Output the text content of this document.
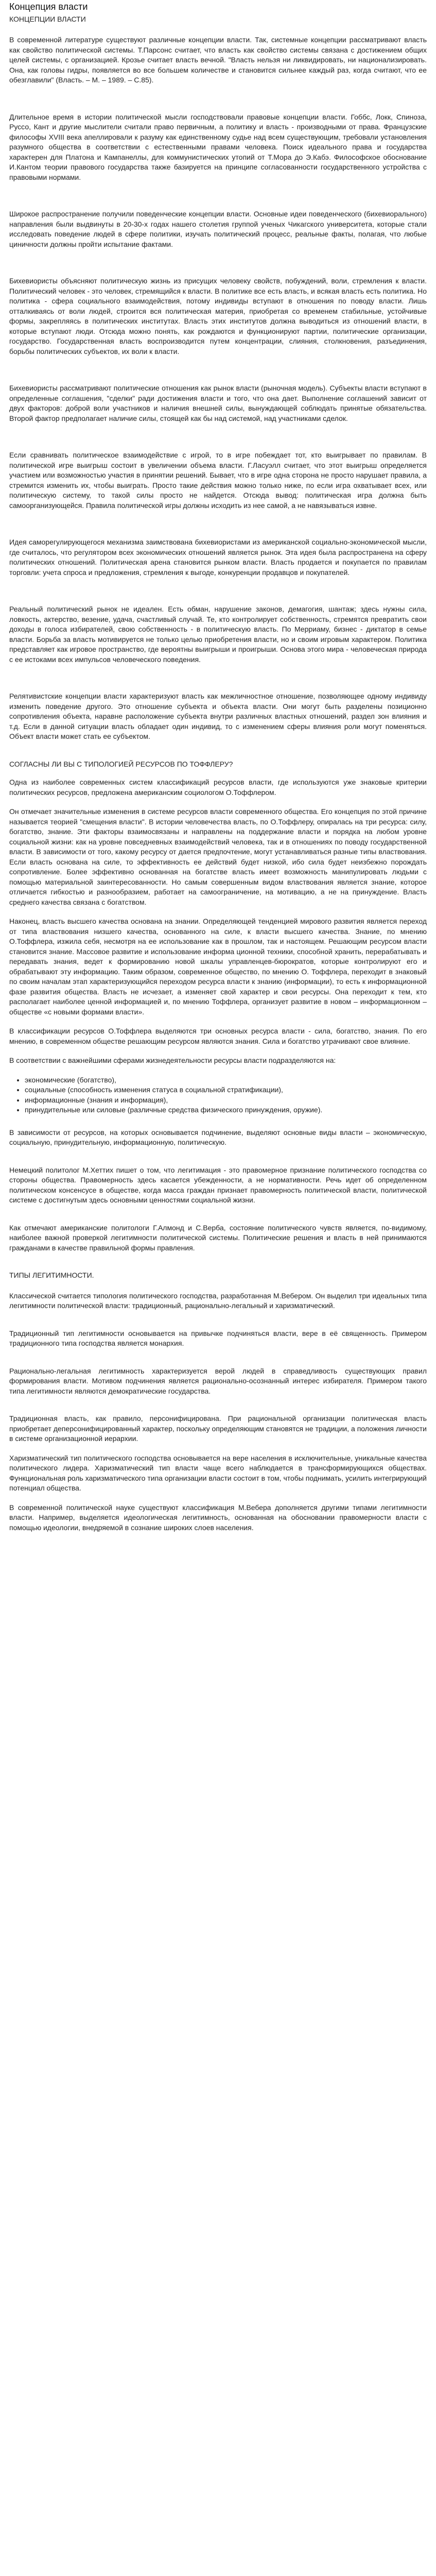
Концепция власти
КОНЦЕПЦИИ ВЛАСТИ

В современной литературе существуют различные концепции власти. Так, системные концепции рассматривают власть как свойство политической системы. Т.Парсонс считает, что власть как свойство системы связана с достижением общих целей системы, с организацией. Крозье считает власть вечной. "Власть нельзя ни ликвидировать, ни национализировать. Она, как головы гидры, появляется во все большем количестве и становится сильнее каждый раз, когда считают, что ее обезглавили" (Власть. – М. – 1989. – С.85).

Длительное время в истории политической мысли господствовали правовые концепции власти. Гоббс, Локк, Спиноза, Руссо, Кант и другие мыслители считали право первичным, а политику и власть - производными от права. Французские философы XVIII века апеллировали к разуму как единственному судье над всем существующим, требовали установления разумного общества в соответствии с естественными правами человека. Поиск идеального права и государства характерен для Платона и Кампанеллы, для коммунистических утопий от Т.Мора до Э.Кабэ. Философское обоснование И.Кантом теории правового государства также базируется на принципе согласованности государственного устройства с правовыми нормами.

Широкое распространение получили поведенческие концепции власти. Основные идеи поведенческого (бихевиорального) направления были выдвинуты в 20-30-х годах нашего столетия группой ученых Чикагского университета, которые стали исследовать поведение людей в сфере политики, изучать политический процесс, реальные факты, полагая, что любые циничности должны пройти испытание фактами.

Бихевиористы объясняют политическую жизнь из присущих человеку свойств, побуждений, воли, стремления к власти. Политический человек - это человек, стремящийся к власти. В политике все есть власть, и всякая власть есть политика. Но политика - сфера социального взаимодействия, потому индивиды вступают в отношения по поводу власти. Лишь отталкиваясь от воли людей, строится вся политическая материя, приобретая со временем стабильные, устойчивые формы, закрепляясь в политических институтах. Власть этих институтов должна выводиться из отношений власти, в которые вступают люди. Отсюда можно понять, как рождаются и функционируют партии, политические организации, государство. Государственная власть воспроизводится путем концентрации, слияния, столкновения, разъединения, борьбы политических субъектов, их воли к власти.

Бихевиористы рассматривают политические отношения как рынок власти (рыночная модель). Субъекты власти вступают в определенные соглашения, "сделки" ради достижения власти и того, что она дает. Выполнение соглашений зависит от двух факторов: доброй воли участников и наличия внешней силы, вынуждающей соблюдать принятые обязательства. Второй фактор предполагает наличие силы, стоящей как бы над системой, над участниками сделок.

Если сравнивать политическое взаимодействие с игрой, то в игре побеждает тот, кто выигрывает по правилам. В политической игре выигрыш состоит в увеличении объема власти. Г.Ласуэлл считает, что этот выигрыш определяется участием или возможностью участия в принятии решений. Бывает, что в игре одна сторона не просто нарушает правила, а стремится изменить их, чтобы выиграть. Просто такие действия можно только ниже, по если игра охватывает всех, или политическую систему, то такой силы просто не найдется. Отсюда вывод: политическая игра должна быть самоорганизующейся. Правила политической игры должны исходить из нее самой, а не навязываться извне.

Идея саморегулирующегося механизма заимствована бихевиористами из американской социально-экономической мысли, где считалось, что регулятором всех экономических отношений является рынок. Эта идея была распространена на сферу политических отношений. Политическая арена становится рынком власти. Власть продается и покупается по правилам торговли: учета спроса и предложения, стремления к выгоде, конкуренции продавцов и покупателей.

Реальный политический рынок не идеален. Есть обман, нарушение законов, демагогия, шантаж; здесь нужны сила, ловкость, актерство, везение, удача, счастливый случай. Те, кто контролирует собственность, стремятся превратить свои доходы в голоса избирателей, свою собственность - в политическую власть. По Мерриаму, бизнес - диктатор в семье власти. Борьба за власть мотивируется не только целью приобретения власти, но и своим игровым характером. Политика представляет как игровое пространство, где вероятны выигрыши и проигрыши. Основа этого мира - человеческая природа с ее истоками всех импульсов человеческого поведения.

Релятивистские концепции власти характеризуют власть как межличностное отношение, позволяющее одному индивиду изменить поведение другого. Это отношение субъекта и объекта власти. Они могут быть разделены позиционно сопротивления объекта, наравне расположение субъекта внутри различных властных отношений, раздел зон влияния и т.д. Если в данной ситуации власть обладает один индивид, то с изменением сферы влияния роли могут поменяться. Объект власти может стать ее субъектом.

СОГЛАСНЫ ЛИ ВЫ С ТИПОЛОГИЕЙ РЕСУРСОВ ПО ТОФФЛЕРУ?

Одна из наиболее современных систем классификаций ресурсов власти, где используются уже знаковые критерии политических ресурсов, предложена американским социологом О.Тоффлером.

Он отмечает значительные изменения в системе ресурсов власти современного общества. Его концепция по этой причине называется теорией "смещения власти". В истории человечества власть, по О.Тоффлеру, опиралась на три ресурса: силу, богатство, знание. Эти факторы взаимосвязаны и направлены на поддержание власти и порядка на любом уровне социальной жизни: как на уровне повседневных взаимодействий человека, так и в отношениях по поводу государственной власти. В зависимости от того, какому ресурсу от дается предпочтение, могут устанавливаться разные типы властвования. Если власть основана на силе, то эффективность ее действий будет низкой, ибо сила будет неизбежно порождать сопротивление. Более эффективно основанная на богатстве власть имеет возможность манипулировать людьми с помощью материальной заинтересованности. Но самым совершенным видом властвования является знание, которое отличается гибкостью и разнообразием, работает на самоограничение, на мотивацию, а не на принуждение. Власть среднего качества связана с богатством.

Наконец, власть высшего качества основана на знании. Определяющей тенденцией мирового развития является переход от типа властвования низшего качества, основанного на силе, к власти высшего качества. Знание, по мнению О.Тоффлера, изжила себя, несмотря на ее использование как в прошлом, так и настоящем. Решающим ресурсом власти становится знание. Массовое развитие и использование информа ционной техники, способной хранить, перерабатывать и передавать знания, ведет к формированию новой шкалы управленцев-бюрократов, которые контролируют его и обрабатывают эту информацию. Таким образом, современное общество, по мнению О. Тоффлера, переходит в знаковый по своим началам этап характеризующийся переходом ресурса власти к знанию (информации), то есть к информационной фазе развития общества. Власть не исчезает, а изменяет свой характер и свои ресурсы. Она переходит к тем, кто располагает наиболее ценной информацией и, по мнению Тоффлера, организует развитие в новом – информационном – обществе «с новыми формами власти».

В классификации ресурсов О.Тоффлера выделяются три основных ресурса власти - сила, богатство, знания. По его мнению, в современном обществе решающим ресурсом являются знания. Сила и богатство утрачивают свое влияние.

В соответствии с важнейшими сферами жизнедеятельности ресурсы власти подразделяются на:

• экономические (богатство),
• социальные (способность изменения статуса в социальной стратификации),
• информационные (знания и информация),
• принудительные или силовые (различные средства физического принуждения, оружие).

В зависимости от ресурсов, на которых основывается подчинение, выделяют основные виды власти – экономическую, социальную, принудительную, информационную, политическую.

Немецкий политолог М.Хеттих пишет о том, что легитимация - это правомерное признание политического господства со стороны общества. Правомерность здесь касается убежденности, а не нормативности. Речь идет об определенном политическом консенсусе в обществе, когда масса граждан признает правомерность политической власти, политической системе с достигнутым здесь основными ценностями социальной жизни.

Как отмечают американские политологи Г.Алмонд и С.Верба, состояние политического чувств является, по-видимому, наиболее важной проверкой легитимности политической системы. Политические решения и власть в ней принимаются гражданами в качестве правильной формы правления.

ТИПЫ ЛЕГИТИМНОСТИ.

Классической считается типология политического господства, разработанная М.Вебером. Он выделил три идеальных типа легитимности политической власти: традиционный, рационально-легальный и харизматический.

Традиционный тип легитимности основывается на привычке подчиняться власти, вере в её священность. Примером традиционного типа господства является монархия.

Рационально-легальная легитимность характеризуется верой людей в справедливость существующих правил формирования власти. Мотивом подчинения является рационально-осознанный интерес избирателя. Примером такого типа легитимности являются демократические государства.

Традиционная власть, как правило, персонифицирована. При рациональной организации политическая власть приобретает деперсонифицированный характер, поскольку определяющим становятся не традиции, а положения личности в системе организационной иерархии.

Харизматический тип политического господства основывается на вере населения в исключительные, уникальные качества политического лидера. Харизматический тип власти чаще всего наблюдается в трансформирующихся обществах. Функциональная роль харизматического типа организации власти состоит в том, чтобы поднимать, усилить интегрирующий потенциал общества.

В современной политической науке существуют классификация М.Вебера дополняется другими типами легитимности власти. Например, выделяется идеологическая легитимность, основанная на обосновании правомерности власти с помощью идеологии, внедряемой в сознание широких слоев населения.
